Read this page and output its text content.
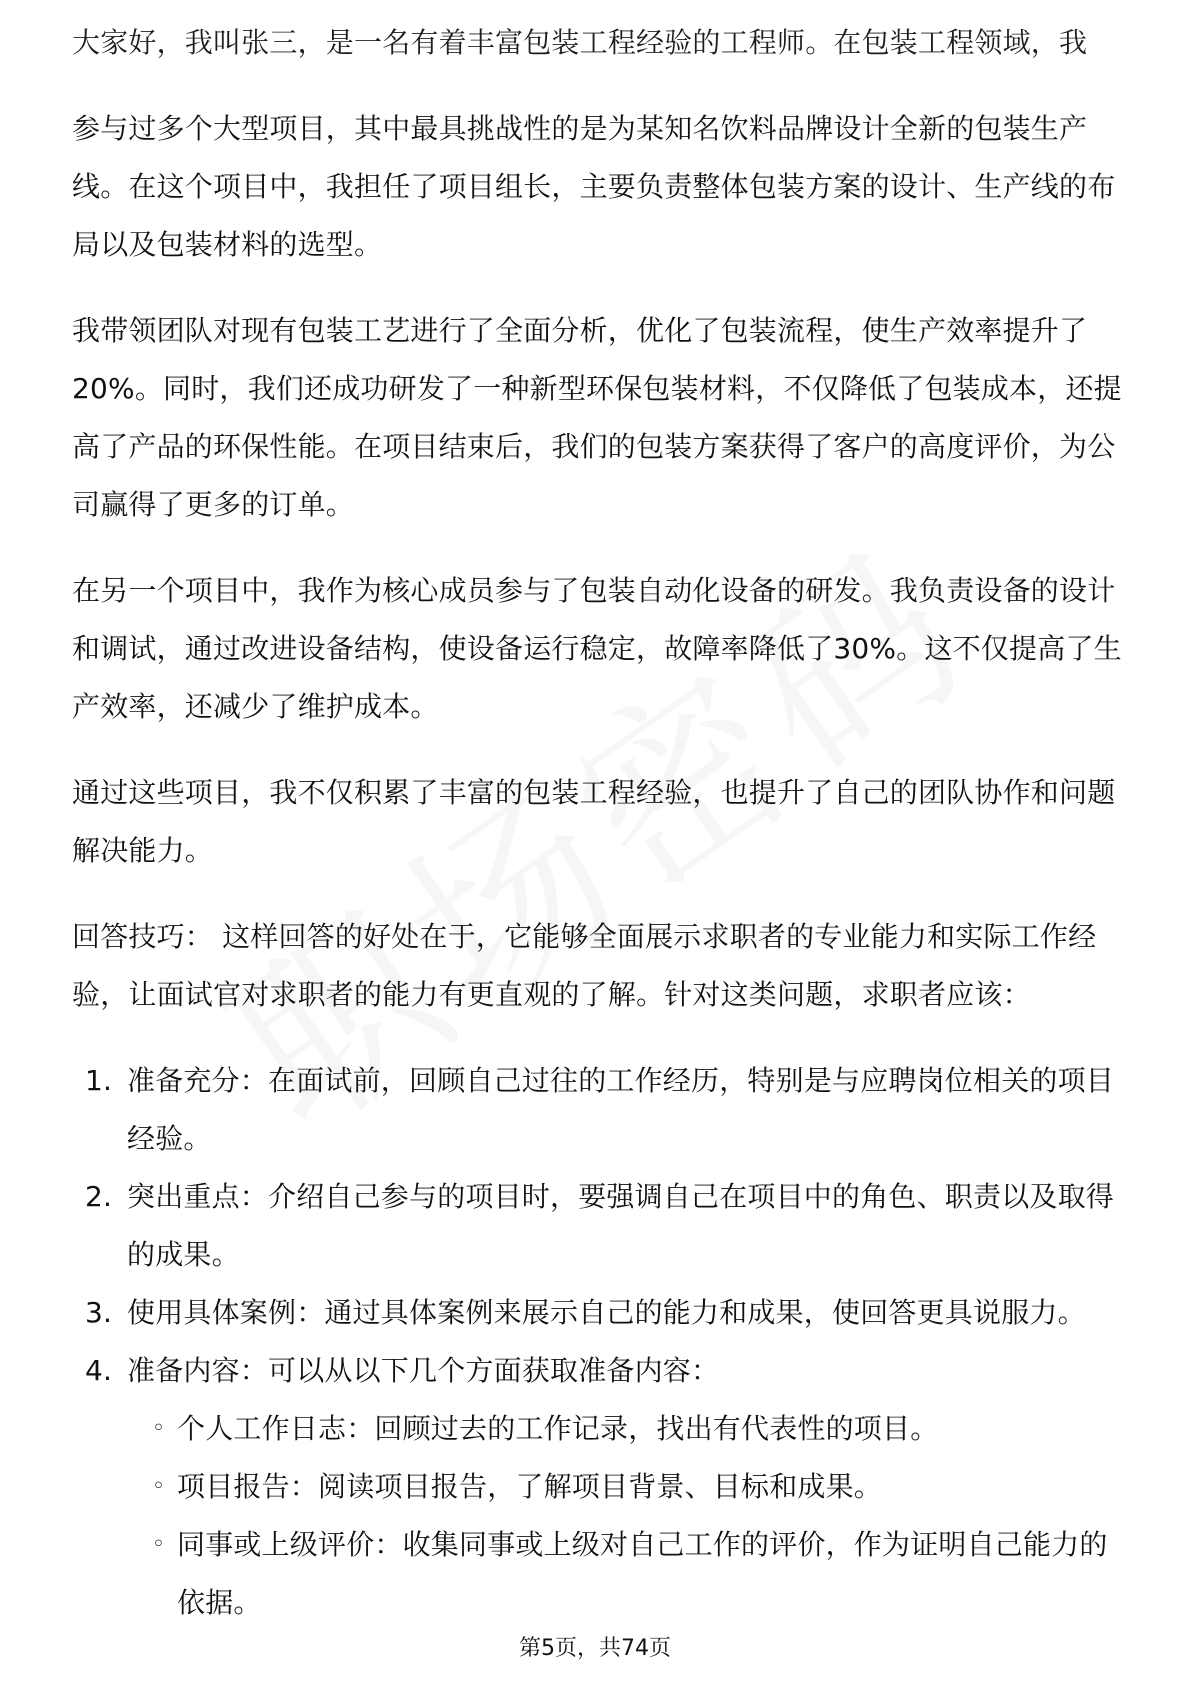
大家好，我叫张三，是一名有着丰富包装工程经验的工程师。在包装工程领域，我

参与过多个大型项目，其中最具挑战性的是为某知名饮料品牌设计全新的包装生产线。在这个项目中，我担任了项目组长，主要负责整体包装方案的设计、生产线的布局以及包装材料的选型。

我带领团队对现有包装工艺进行了全面分析，优化了包装流程，使生产效率提升了20%。同时，我们还成功研发了一种新型环保包装材料，不仅降低了包装成本，还提高了产品的环保性能。在项目结束后，我们的包装方案获得了客户的高度评价，为公司赢得了更多的订单。

在另一个项目中，我作为核心成员参与了包装自动化设备的研发。我负责设备的设计和调试，通过改进设备结构，使设备运行稳定，故障率降低了30%。这不仅提高了生产效率，还减少了维护成本。

通过这些项目，我不仅积累了丰富的包装工程经验，也提升了自己的团队协作和问题解决能力。

回答技巧： 这样回答的好处在于，它能够全面展示求职者的专业能力和实际工作经验，让面试官对求职者的能力有更直观的了解。针对这类问题，求职者应该：

1. 准备充分：在面试前，回顾自己过往的工作经历，特别是与应聘岗位相关的项目经验。
2. 突出重点：介绍自己参与的项目时，要强调自己在项目中的角色、职责以及取得的成果。
3. 使用具体案例：通过具体案例来展示自己的能力和成果，使回答更具说服力。
4. 准备内容：可以从以下几个方面获取准备内容：
◦ 个人工作日志：回顾过去的工作记录，找出有代表性的项目。
◦ 项目报告：阅读项目报告，了解项目背景、目标和成果。
◦ 同事或上级评价：收集同事或上级对自己工作的评价，作为证明自己能力的依据。
第5页，共74页
